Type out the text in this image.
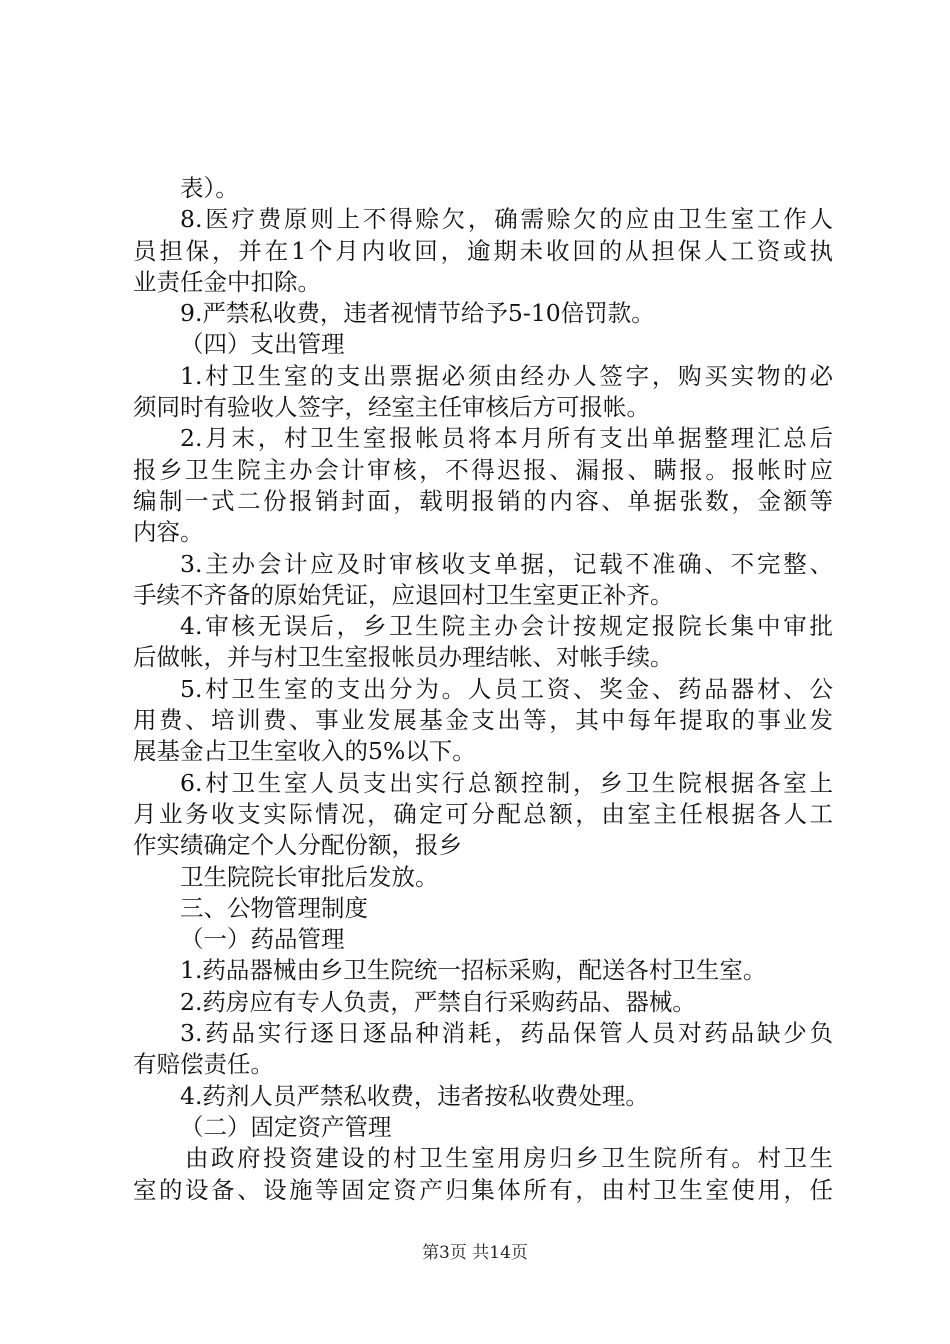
表）。
8.医疗费原则上不得赊欠，确需赊欠的应由卫生室工作人
员担保，并在1个月内收回，逾期未收回的从担保人工资或执
业责任金中扣除。
9.严禁私收费，违者视情节给予5-10倍罚款。
（四）支出管理
1.村卫生室的支出票据必须由经办人签字，购买实物的必
须同时有验收人签字，经室主任审核后方可报帐。
2.月末，村卫生室报帐员将本月所有支出单据整理汇总后
报乡卫生院主办会计审核，不得迟报、漏报、瞒报。报帐时应
编制一式二份报销封面，载明报销的内容、单据张数，金额等
内容。
3.主办会计应及时审核收支单据，记载不准确、不完整、
手续不齐备的原始凭证，应退回村卫生室更正补齐。
4.审核无误后，乡卫生院主办会计按规定报院长集中审批
后做帐，并与村卫生室报帐员办理结帐、对帐手续。
5.村卫生室的支出分为。人员工资、奖金、药品器材、公
用费、培训费、事业发展基金支出等，其中每年提取的事业发
展基金占卫生室收入的5%以下。
6.村卫生室人员支出实行总额控制，乡卫生院根据各室上
月业务收支实际情况，确定可分配总额，由室主任根据各人工
作实绩确定个人分配份额，报乡
卫生院院长审批后发放。
三、公物管理制度
（一）药品管理
1.药品器械由乡卫生院统一招标采购，配送各村卫生室。
2.药房应有专人负责，严禁自行采购药品、器械。
3.药品实行逐日逐品种消耗，药品保管人员对药品缺少负
有赔偿责任。
4.药剂人员严禁私收费，违者按私收费处理。
（二）固定资产管理
由政府投资建设的村卫生室用房归乡卫生院所有。村卫生
室的设备、设施等固定资产归集体所有，由村卫生室使用，任
第3页 共14页
